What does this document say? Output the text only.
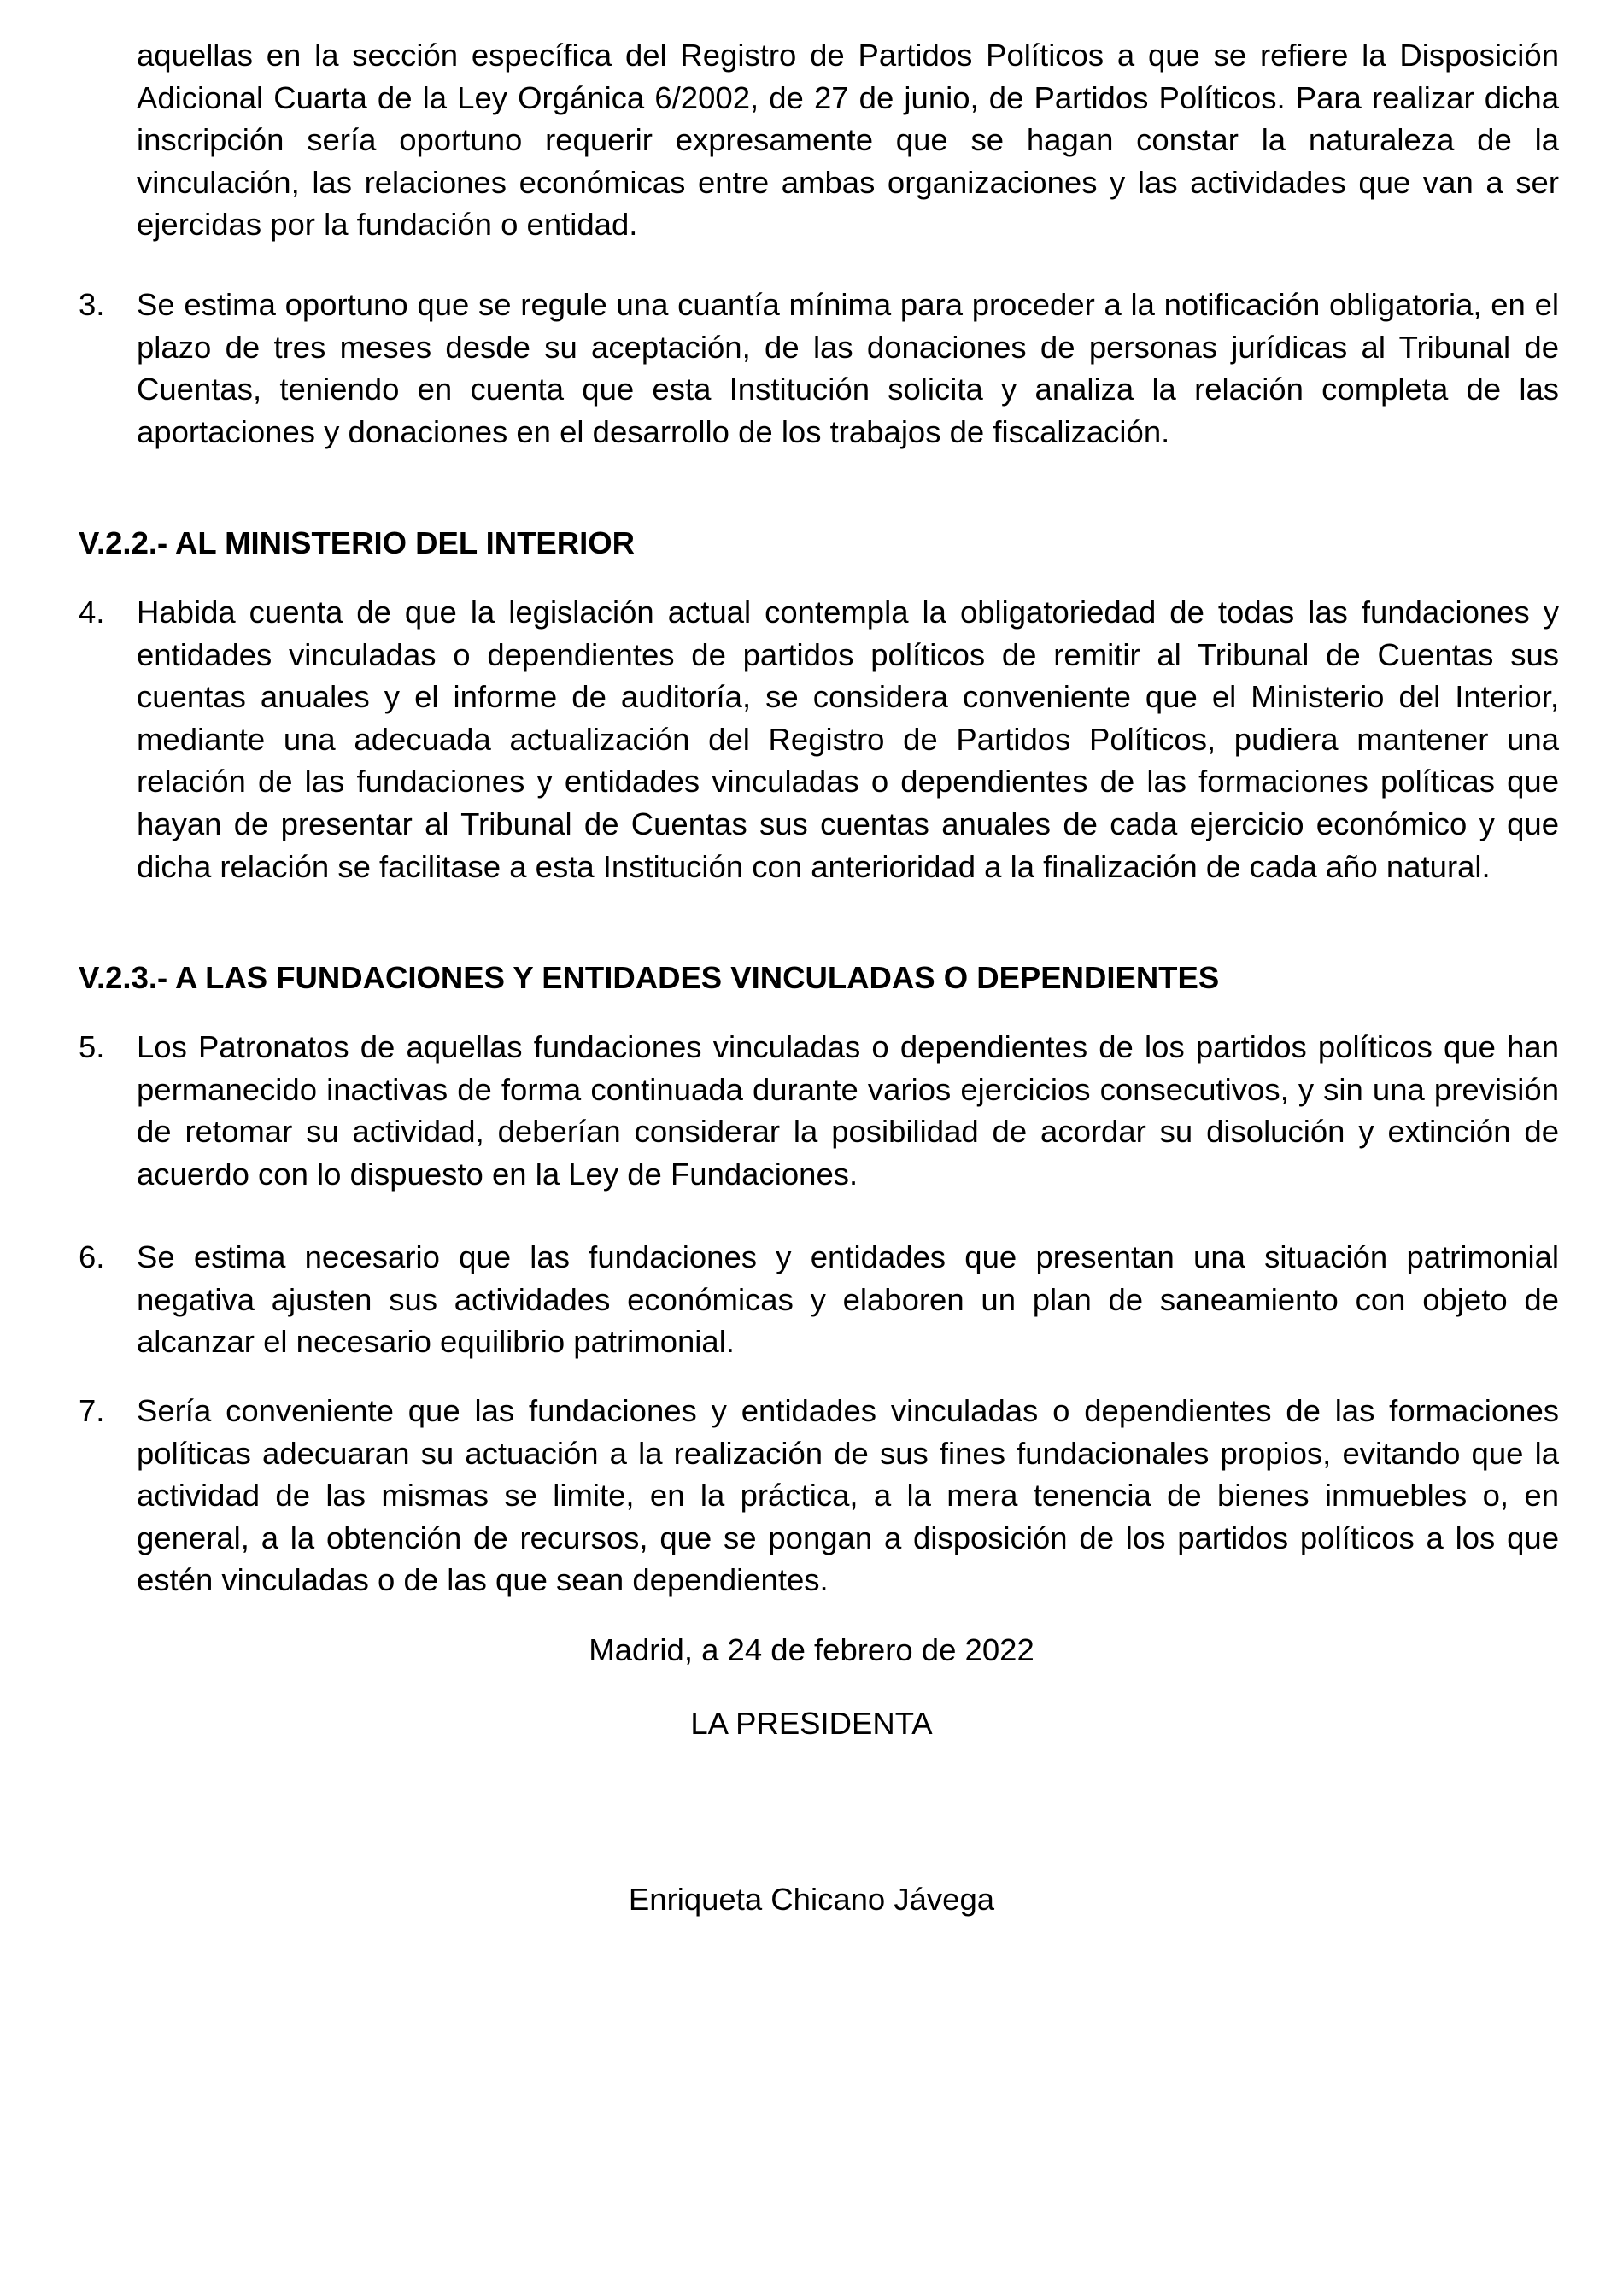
aquellas en la sección específica del Registro de Partidos Políticos a que se refiere la Disposición Adicional Cuarta de la Ley Orgánica 6/2002, de 27 de junio, de Partidos Políticos. Para realizar dicha inscripción sería oportuno requerir expresamente que se hagan constar la naturaleza de la vinculación, las relaciones económicas entre ambas organizaciones y las actividades que van a ser ejercidas por la fundación o entidad.
3. Se estima oportuno que se regule una cuantía mínima para proceder a la notificación obligatoria, en el plazo de tres meses desde su aceptación, de las donaciones de personas jurídicas al Tribunal de Cuentas, teniendo en cuenta que esta Institución solicita y analiza la relación completa de las aportaciones y donaciones en el desarrollo de los trabajos de fiscalización.
V.2.2.- AL MINISTERIO DEL INTERIOR
4. Habida cuenta de que la legislación actual contempla la obligatoriedad de todas las fundaciones y entidades vinculadas o dependientes de partidos políticos de remitir al Tribunal de Cuentas sus cuentas anuales y el informe de auditoría, se considera conveniente que el Ministerio del Interior, mediante una adecuada actualización del Registro de Partidos Políticos, pudiera mantener una relación de las fundaciones y entidades vinculadas o dependientes de las formaciones políticas que hayan de presentar al Tribunal de Cuentas sus cuentas anuales de cada ejercicio económico y que dicha relación se facilitase a esta Institución con anterioridad a la finalización de cada año natural.
V.2.3.- A LAS FUNDACIONES Y ENTIDADES VINCULADAS O DEPENDIENTES
5. Los Patronatos de aquellas fundaciones vinculadas o dependientes de los partidos políticos que han permanecido inactivas de forma continuada durante varios ejercicios consecutivos, y sin una previsión de retomar su actividad, deberían considerar la posibilidad de acordar su disolución y extinción de acuerdo con lo dispuesto en la Ley de Fundaciones.
6. Se estima necesario que las fundaciones y entidades que presentan una situación patrimonial negativa ajusten sus actividades económicas y elaboren un plan de saneamiento con objeto de alcanzar el necesario equilibrio patrimonial.
7. Sería conveniente que las fundaciones y entidades vinculadas o dependientes de las formaciones políticas adecuaran su actuación a la realización de sus fines fundacionales propios, evitando que la actividad de las mismas se limite, en la práctica, a la mera tenencia de bienes inmuebles o, en general, a la obtención de recursos, que se pongan a disposición de los partidos políticos a los que estén vinculadas o de las que sean dependientes.
Madrid, a 24 de febrero de 2022
LA PRESIDENTA
Enriqueta Chicano Jávega
